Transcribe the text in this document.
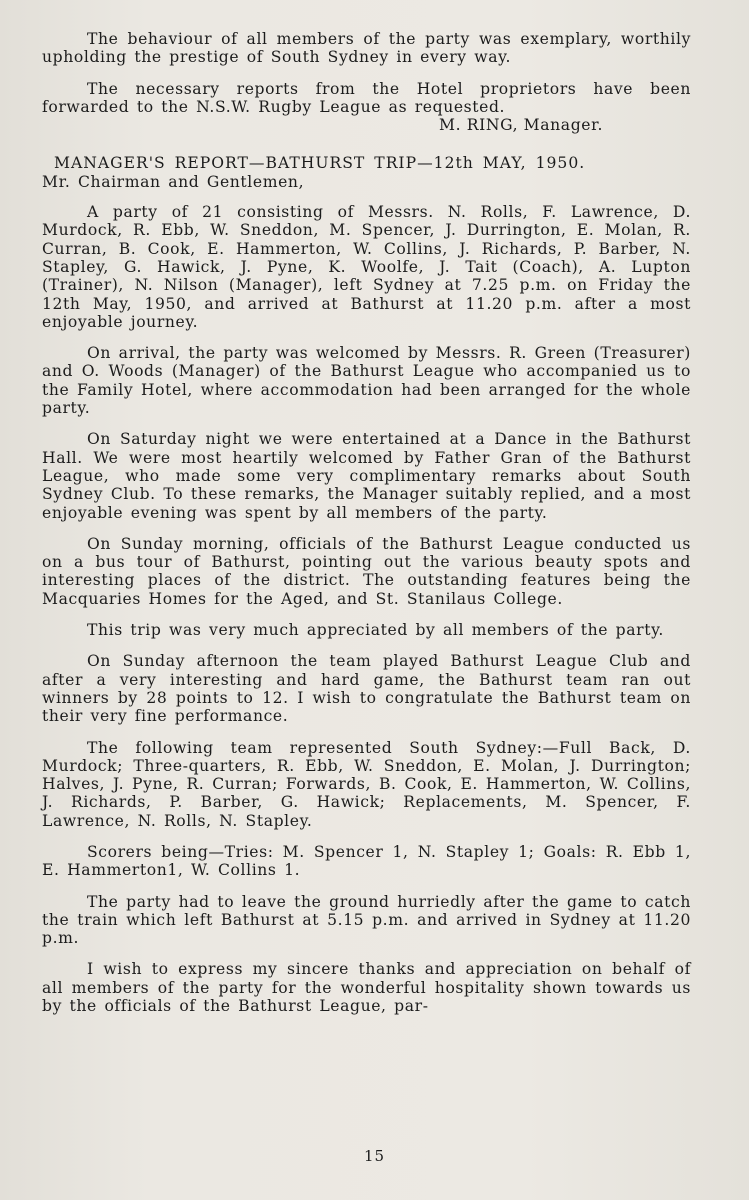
The behaviour of all members of the party was exemplary, worthily upholding the prestige of South Sydney in every way.

The necessary reports from the Hotel proprietors have been forwarded to the N.S.W. Rugby League as requested.

M. RING, Manager.

MANAGER'S REPORT—BATHURST TRIP—12th MAY, 1950.

Mr. Chairman and Gentlemen,

A party of 21 consisting of Messrs. N. Rolls, F. Lawrence, D. Murdock, R. Ebb, W. Sneddon, M. Spencer, J. Durrington, E. Molan, R. Curran, B. Cook, E. Hammerton, W. Collins, J. Richards, P. Barber, N. Stapley, G. Hawick, J. Pyne, K. Woolfe, J. Tait (Coach), A. Lupton (Trainer), N. Nilson (Manager), left Sydney at 7.25 p.m. on Friday the 12th May, 1950, and arrived at Bathurst at 11.20 p.m. after a most enjoyable journey.

On arrival, the party was welcomed by Messrs. R. Green (Treasurer) and O. Woods (Manager) of the Bathurst League who accompanied us to the Family Hotel, where accommodation had been arranged for the whole party.

On Saturday night we were entertained at a Dance in the Bathurst Hall. We were most heartily welcomed by Father Gran of the Bathurst League, who made some very complimentary remarks about South Sydney Club. To these remarks, the Manager suitably replied, and a most enjoyable evening was spent by all members of the party.

On Sunday morning, officials of the Bathurst League conducted us on a bus tour of Bathurst, pointing out the various beauty spots and interesting places of the district. The outstanding features being the Macquaries Homes for the Aged, and St. Stanilaus College.

This trip was very much appreciated by all members of the party.

On Sunday afternoon the team played Bathurst League Club and after a very interesting and hard game, the Bathurst team ran out winners by 28 points to 12. I wish to congratulate the Bathurst team on their very fine performance.

The following team represented South Sydney:—Full Back, D. Murdock; Three-quarters, R. Ebb, W. Sneddon, E. Molan, J. Durrington; Halves, J. Pyne, R. Curran; Forwards, B. Cook, E. Hammerton, W. Collins, J. Richards, P. Barber, G. Hawick; Replacements, M. Spencer, F. Lawrence, N. Rolls, N. Stapley.

Scorers being—Tries: M. Spencer 1, N. Stapley 1; Goals: R. Ebb 1, E. Hammerton1, W. Collins 1.

The party had to leave the ground hurriedly after the game to catch the train which left Bathurst at 5.15 p.m. and arrived in Sydney at 11.20 p.m.

I wish to express my sincere thanks and appreciation on behalf of all members of the party for the wonderful hospitality shown towards us by the officials of the Bathurst League, par-

15
